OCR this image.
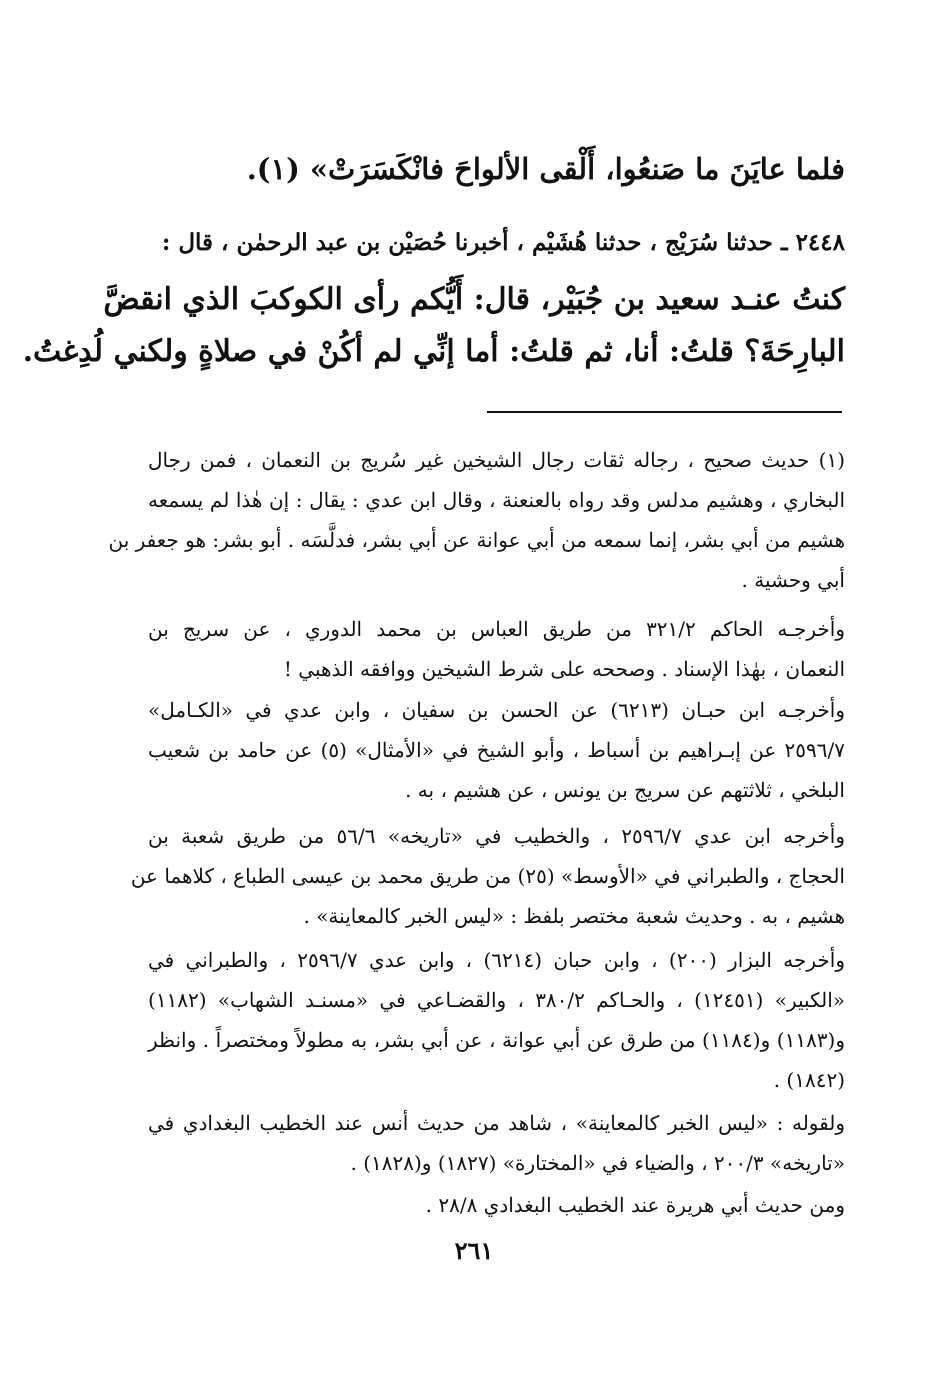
فلما عايَنَ ما صَنعُوا، أَلْقى الألواحَ فانْكَسَرَتْ» (١).
٢٤٤٨ ـ حدثنا سُرَيْج ، حدثنا هُشَيْم ، أخبرنا حُصَيْن بن عبد الرحمٰن ، قال :
كنتُ عنـد سعيد بن جُبَيْر، قال: أَيُّكم رأى الكوكبَ الذي انقضَّ
البارِحَةَ؟ قلتُ: أنا، ثم قلتُ: أما إنِّي لم أكُنْ في صلاةٍ ولكني لُدِغتُ.
(١) حديث صحيح ، رجاله ثقات رجال الشيخين غير سُريج بن النعمان ، فمن رجال
البخاري ، وهشيم مدلس وقد رواه بالعنعنة ، وقال ابن عدي : يقال : إن هٰذا لم يسمعه
هشيم من أبي بشر، إنما سمعه من أبي عوانة عن أبي بشر، فدلَّسَه . أبو بشر: هو جعفر بن
أبي وحشية .
وأخرجـه الحاكم ٣٢١/٢ من طريق العباس بن محمد الدوري ، عن سريج بن
النعمان ، بهٰذا الإسناد . وصححه على شرط الشيخين ووافقه الذهبي !
وأخرجـه ابن حبـان (٦٢١٣) عن الحسن بن سفيان ، وابن عدي في «الكـامل»
٢٥٩٦/٧ عن إبـراهيم بن أسباط ، وأبو الشيخ في «الأمثال» (٥) عن حامد بن شعيب
البلخي ، ثلاثتهم عن سريج بن يونس ، عن هشيم ، به .
وأخرجه ابن عدي ٢٥٩٦/٧ ، والخطيب في «تاريخه» ٥٦/٦ من طريق شعبة بن
الحجاج ، والطبراني في «الأوسط» (٢٥) من طريق محمد بن عيسى الطباع ، كلاهما عن
هشيم ، به . وحديث شعبة مختصر بلفظ : «ليس الخبر كالمعاينة» .
وأخرجه البزار (٢٠٠) ، وابن حبان (٦٢١٤) ، وابن عدي ٢٥٩٦/٧ ، والطبراني في
«الكبير» (١٢٤٥١) ، والحـاكم ٣٨٠/٢ ، والقضـاعي في «مسنـد الشهاب» (١١٨٢)
و(١١٨٣) و(١١٨٤) من طرق عن أبي عوانة ، عن أبي بشر، به مطولاً ومختصراً . وانظر
(١٨٤٢) .
ولقوله : «ليس الخبر كالمعاينة» ، شاهد من حديث أنس عند الخطيب البغدادي في
«تاريخه» ٢٠٠/٣ ، والضياء في «المختارة» (١٨٢٧) و(١٨٢٨) .
ومن حديث أبي هريرة عند الخطيب البغدادي ٢٨/٨ .
٢٦١
